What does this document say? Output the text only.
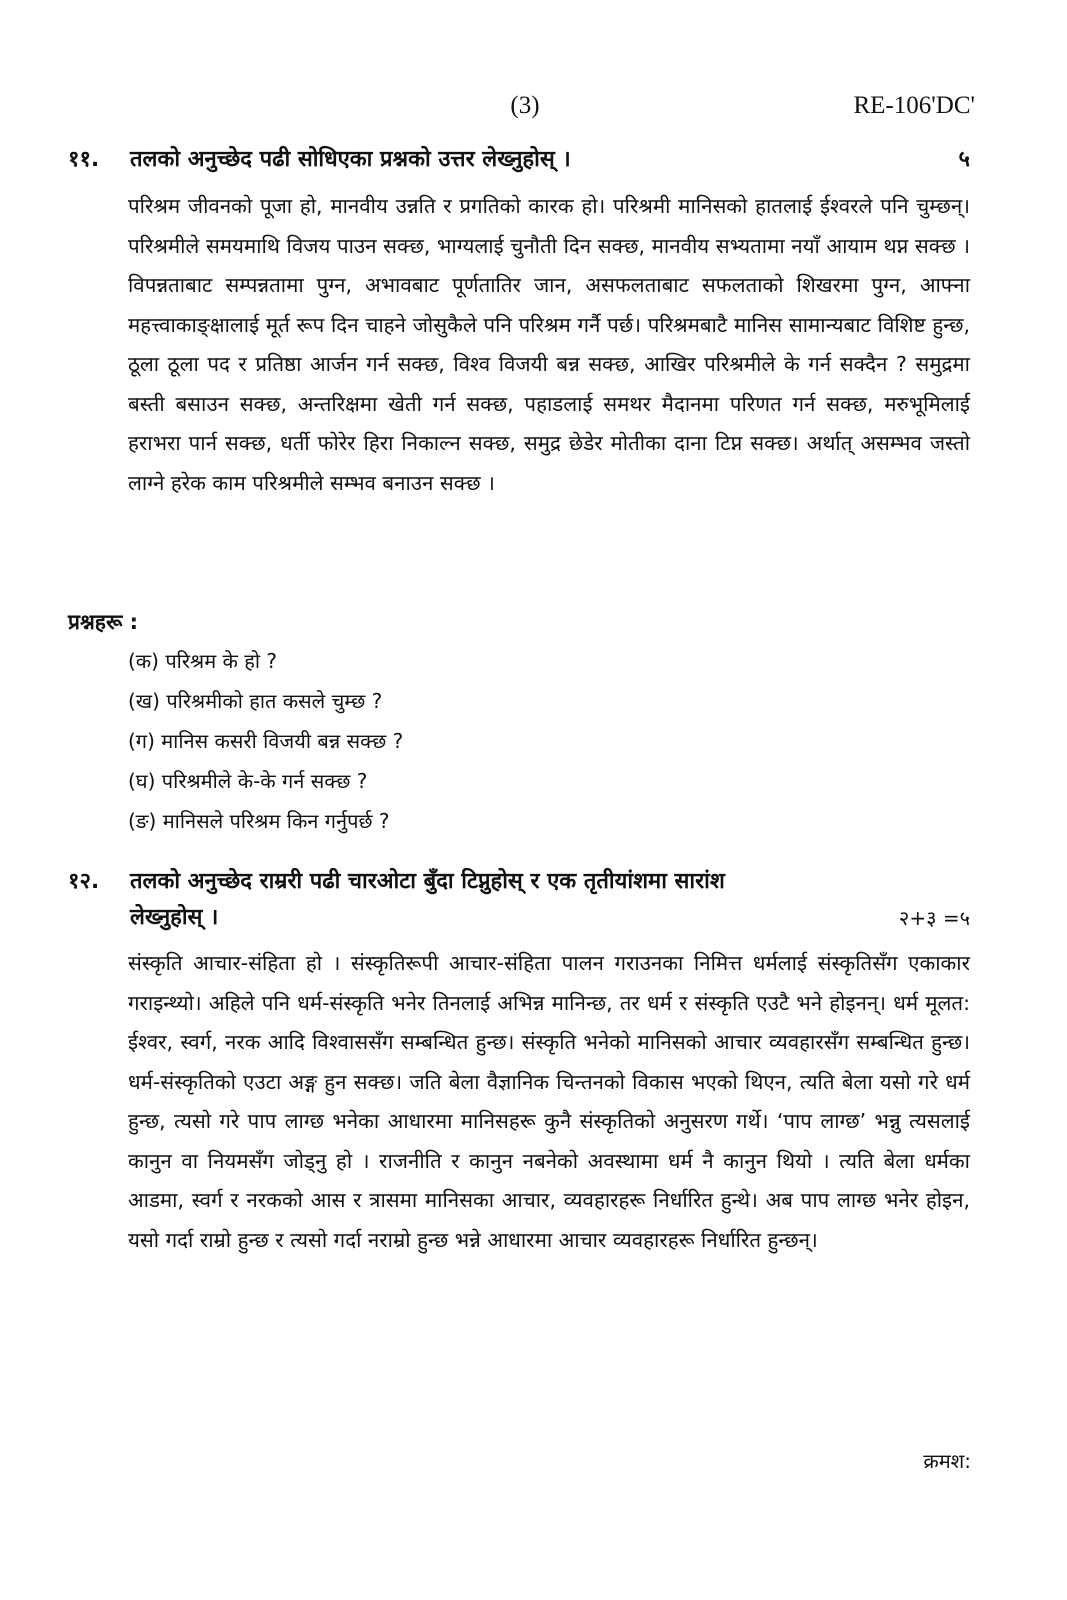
(3)	RE-106'DC'
११.	तलको अनुच्छेद पढी सोधिएका प्रश्नको उत्तर लेख्नुहोस् ।	५

परिश्रम जीवनको पूजा हो, मानवीय उन्नति र प्रगतिको कारक हो। परिश्रमी मानिसको हातलाई ईश्वरले पनि चुम्छन्। परिश्रमीले समयमाथि विजय पाउन सक्छ, भाग्यलाई चुनौती दिन सक्छ, मानवीय सभ्यतामा नयाँ आयाम थप्न सक्छ । विपन्नताबाट सम्पन्नतामा पुग्न, अभावबाट पूर्णतातिर जान, असफलताबाट सफलताको शिखरमा पुग्न, आफ्ना महत्त्वाकाङ्क्षालाई मूर्त रूप दिन चाहने जोसुकैले पनि परिश्रम गर्नै पर्छ। परिश्रमबाटै मानिस सामान्यबाट विशिष्ट हुन्छ, ठूला ठूला पद र प्रतिष्ठा आर्जन गर्न सक्छ, विश्व विजयी बन्न सक्छ, आखिर परिश्रमीले के गर्न सक्दैन ? समुद्रमा बस्ती बसाउन सक्छ, अन्तरिक्षमा खेती गर्न सक्छ, पहाडलाई समथर मैदानमा परिणत गर्न सक्छ, मरुभूमिलाई हराभरा पार्न सक्छ, धर्ती फोरेर हिरा निकाल्न सक्छ, समुद्र छेडेर मोतीका दाना टिप्न सक्छ। अर्थात् असम्भव जस्तो लाग्ने हरेक काम परिश्रमीले सम्भव बनाउन सक्छ ।

प्रश्नहरू :
(क) परिश्रम के हो ?
(ख) परिश्रमीको हात कसले चुम्छ ?
(ग) मानिस कसरी विजयी बन्न सक्छ ?
(घ) परिश्रमीले के-के गर्न सक्छ ?
(ङ) मानिसले परिश्रम किन गर्नुपर्छ ?
१२.	तलको अनुच्छेद राम्ररी पढी चारओटा बुँदा टिप्नुहोस् र एक तृतीयांशमा सारांश
लेख्नुहोस् ।	२+३ =५

संस्कृति आचार-संहिता हो । संस्कृतिरूपी आचार-संहिता पालन गराउनका निमित्त धर्मलाई संस्कृतिसँग एकाकार गराइन्थ्यो। अहिले पनि धर्म-संस्कृति भनेर तिनलाई अभिन्न मानिन्छ, तर धर्म र संस्कृति एउटै भने होइनन्। धर्म मूलत: ईश्वर, स्वर्ग, नरक आदि विश्वाससँग सम्बन्धित हुन्छ। संस्कृति भनेको मानिसको आचार व्यवहारसँग सम्बन्धित हुन्छ। धर्म-संस्कृतिको एउटा अङ्ग हुन सक्छ। जति बेला वैज्ञानिक चिन्तनको विकास भएको थिएन, त्यति बेला यसो गरे धर्म हुन्छ, त्यसो गरे पाप लाग्छ भनेका आधारमा मानिसहरू कुनै संस्कृतिको अनुसरण गर्थे। ‘पाप लाग्छ’ भन्नु त्यसलाई कानुन वा नियमसँग जोड्नु हो । राजनीति र कानुन नबनेको अवस्थामा धर्म नै कानुन थियो । त्यति बेला धर्मका आडमा, स्वर्ग र नरकको आस र त्रासमा मानिसका आचार, व्यवहारहरू निर्धारित हुन्थे। अब पाप लाग्छ भनेर होइन, यसो गर्दा राम्रो हुन्छ र त्यसो गर्दा नराम्रो हुन्छ भन्ने आधारमा आचार व्यवहारहरू निर्धारित हुन्छन्।

क्रमश:
